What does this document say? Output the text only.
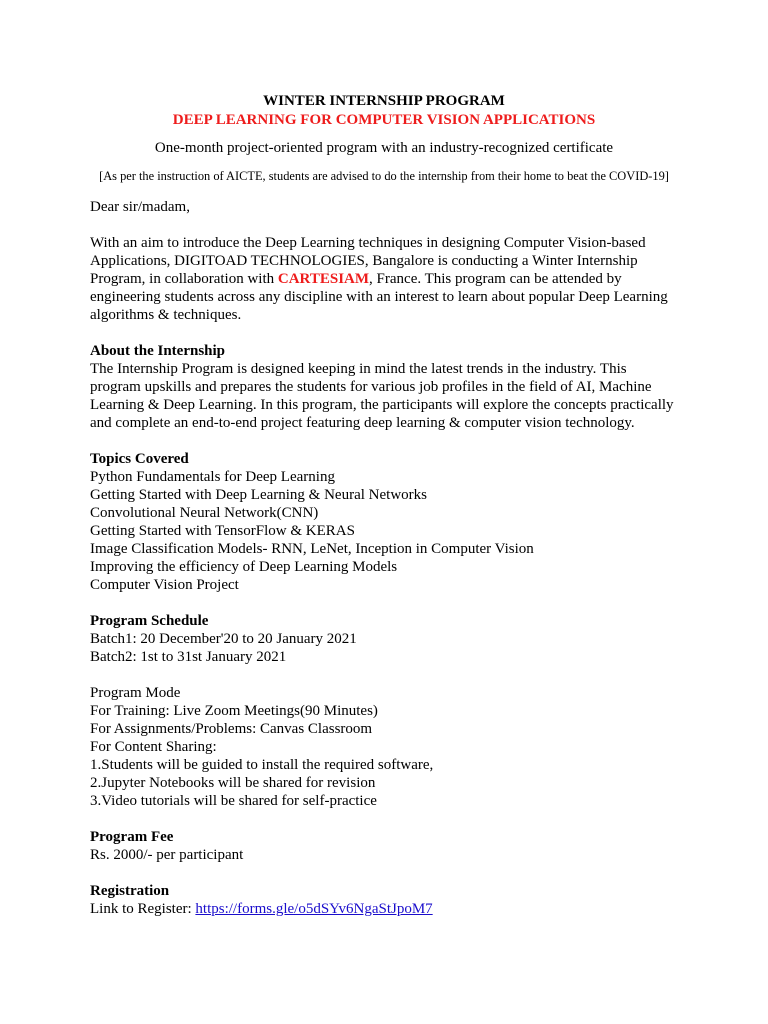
WINTER INTERNSHIP PROGRAM
DEEP LEARNING FOR COMPUTER VISION APPLICATIONS
One-month project-oriented program with an industry-recognized certificate
[As per the instruction of AICTE, students are advised to do the internship from their home to beat the COVID-19]
Dear sir/madam,

With an aim to introduce the Deep Learning techniques in designing Computer Vision-based Applications, DIGITOAD TECHNOLOGIES, Bangalore is conducting a Winter Internship Program, in collaboration with CARTESIAM, France. This program can be attended by engineering students across any discipline with an interest to learn about popular Deep Learning algorithms & techniques.

About the Internship
The Internship Program is designed keeping in mind the latest trends in the industry. This program upskills and prepares the students for various job profiles in the field of AI, Machine Learning & Deep Learning. In this program, the participants will explore the concepts practically and complete an end-to-end project featuring deep learning & computer vision technology.
Topics Covered
Python Fundamentals for Deep Learning
Getting Started with Deep Learning & Neural Networks
Convolutional Neural Network(CNN)
Getting Started with TensorFlow & KERAS
Image Classification Models- RNN, LeNet, Inception in Computer Vision
Improving the efficiency of Deep Learning Models
Computer Vision Project
Program Schedule
Batch1: 20 December'20 to 20 January 2021
Batch2: 1st to 31st January 2021
Program Mode
For Training: Live Zoom Meetings(90 Minutes)
For Assignments/Problems: Canvas Classroom
For Content Sharing:
1.Students will be guided to install the required software,
2.Jupyter Notebooks will be shared for revision
3.Video tutorials will be shared for self-practice
Program Fee
Rs. 2000/- per participant
Registration
Link to Register: https://forms.gle/o5dSYv6NgaStJpoM7
